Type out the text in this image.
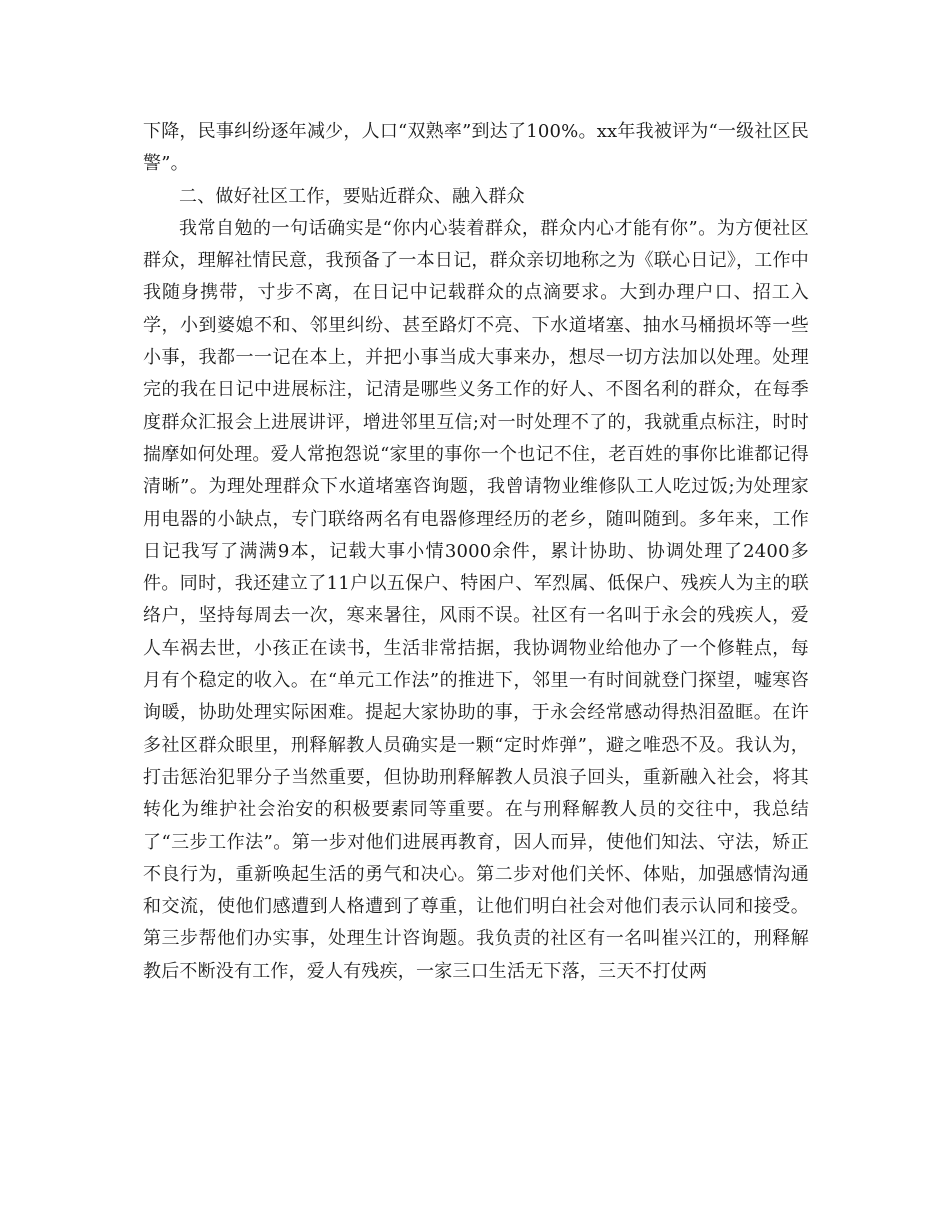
下降，民事纠纷逐年减少，人口“双熟率”到达了100%。xx年我被评为“一级社区民警”。

二、做好社区工作，要贴近群众、融入群众

我常自勉的一句话确实是“你内心装着群众，群众内心才能有你”。为方便社区群众，理解社情民意，我预备了一本日记，群众亲切地称之为《联心日记》，工作中我随身携带，寸步不离，在日记中记载群众的点滴要求。大到办理户口、招工入学，小到婆媳不和、邻里纠纷、甚至路灯不亮、下水道堵塞、抽水马桶损坏等一些小事，我都一一记在本上，并把小事当成大事来办，想尽一切方法加以处理。处理完的我在日记中进展标注，记清是哪些义务工作的好人、不图名利的群众，在每季度群众汇报会上进展讲评，增进邻里互信;对一时处理不了的，我就重点标注，时时揣摩如何处理。爱人常抱怨说“家里的事你一个也记不住，老百姓的事你比谁都记得清晰”。为理处理群众下水道堵塞咨询题，我曾请物业维修队工人吃过饭;为处理家用电器的小缺点，专门联络两名有电器修理经历的老乡，随叫随到。多年来，工作日记我写了满满9本，记载大事小情3000余件，累计协助、协调处理了2400多件。同时，我还建立了11户以五保户、特困户、军烈属、低保户、残疾人为主的联络户，坚持每周去一次，寒来暑往，风雨不误。社区有一名叫于永会的残疾人，爱人车祸去世，小孩正在读书，生活非常拮据，我协调物业给他办了一个修鞋点，每月有个稳定的收入。在“单元工作法”的推进下，邻里一有时间就登门探望，嘘寒咨询暖，协助处理实际困难。提起大家协助的事，于永会经常感动得热泪盈眶。在许多社区群众眼里，刑释解教人员确实是一颗“定时炸弹”，避之唯恐不及。我认为，打击惩治犯罪分子当然重要，但协助刑释解教人员浪子回头，重新融入社会，将其转化为维护社会治安的积极要素同等重要。在与刑释解教人员的交往中，我总结了“三步工作法”。第一步对他们进展再教育，因人而异，使他们知法、守法，矫正不良行为，重新唤起生活的勇气和决心。第二步对他们关怀、体贴，加强感情沟通和交流，使他们感遭到人格遭到了尊重，让他们明白社会对他们表示认同和接受。第三步帮他们办实事，处理生计咨询题。我负责的社区有一名叫崔兴江的，刑释解教后不断没有工作，爱人有残疾，一家三口生活无下落，三天不打仗两
